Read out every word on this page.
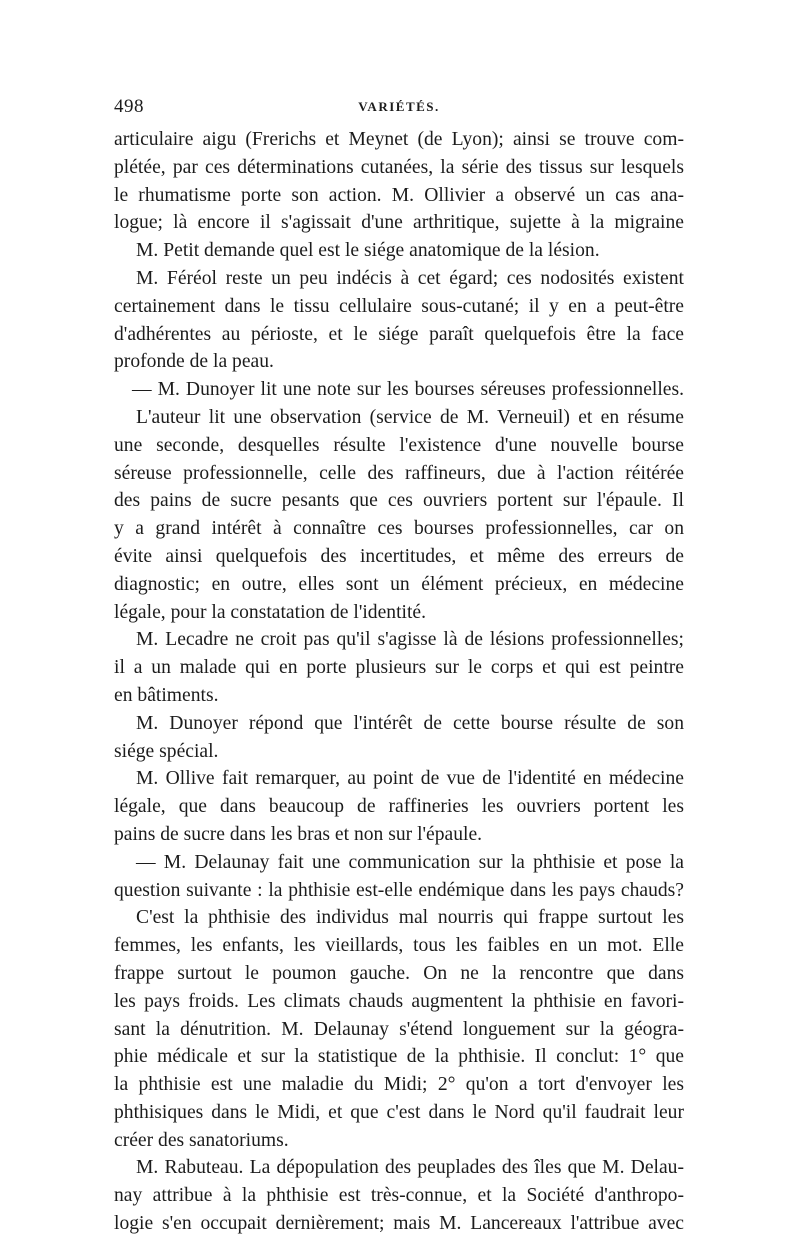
498	VARIÉTÉS.
articulaire aigu (Frerichs et Meynet (de Lyon); ainsi se trouve com-
plétée, par ces déterminations cutanées, la série des tissus sur lesquels
le rhumatisme porte son action. M. Ollivier a observé un cas ana-
logue; là encore il s'agissait d'une arthritique, sujette à la migraine
M. Petit demande quel est le siége anatomique de la lésion.
M. Féréol reste un peu indécis à cet égard; ces nodosités existent
certainement dans le tissu cellulaire sous-cutané; il y en a peut-être
d'adhérentes au périoste, et le siége paraît quelquefois être la face
profonde de la peau.
— M. Dunoyer lit une note sur les bourses séreuses professionnelles.
L'auteur lit une observation (service de M. Verneuil) et en résume
une seconde, desquelles résulte l'existence d'une nouvelle bourse
séreuse professionnelle, celle des raffineurs, due à l'action réitérée
des pains de sucre pesants que ces ouvriers portent sur l'épaule. Il
y a grand intérêt à connaître ces bourses professionnelles, car on
évite ainsi quelquefois des incertitudes, et même des erreurs de
diagnostic; en outre, elles sont un élément précieux, en médecine
légale, pour la constatation de l'identité.
M. Lecadre ne croit pas qu'il s'agisse là de lésions professionnelles;
il a un malade qui en porte plusieurs sur le corps et qui est peintre
en bâtiments.
M. Dunoyer répond que l'intérêt de cette bourse résulte de son
siége spécial.
M. Ollive fait remarquer, au point de vue de l'identité en médecine
légale, que dans beaucoup de raffineries les ouvriers portent les
pains de sucre dans les bras et non sur l'épaule.
— M. Delaunay fait une communication sur la phthisie et pose la
question suivante : la phthisie est-elle endémique dans les pays chauds?
C'est la phthisie des individus mal nourris qui frappe surtout les
femmes, les enfants, les vieillards, tous les faibles en un mot. Elle
frappe surtout le poumon gauche. On ne la rencontre que dans
les pays froids. Les climats chauds augmentent la phthisie en favori-
sant la dénutrition. M. Delaunay s'étend longuement sur la géogra-
phie médicale et sur la statistique de la phthisie. Il conclut: 1° que
la phthisie est une maladie du Midi; 2° qu'on a tort d'envoyer les
phthisiques dans le Midi, et que c'est dans le Nord qu'il faudrait leur
créer des sanatoriums.
M. Rabuteau. La dépopulation des peuplades des îles que M. Delau-
nay attribue à la phthisie est très-connue, et la Société d'anthropo-
logie s'en occupait dernièrement; mais M. Lancereaux l'attribue avec
